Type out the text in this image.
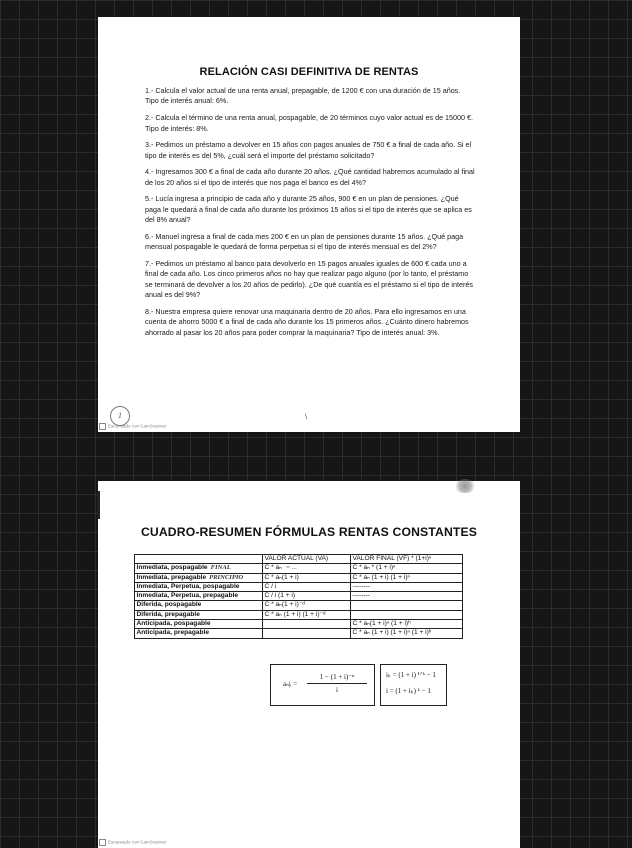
RELACIÓN CASI DEFINITIVA DE RENTAS

1.- Calcula el valor actual de una renta anual, prepagable, de 1200 € con una duración de 15 años. Tipo de interés anual: 6%.

2.- Calcula el término de una renta anual, pospagable, de 20 términos cuyo valor actual es de 15000 €. Tipo de interés: 8%.

3.- Pedimos un préstamo a devolver en 15 años con pagos anuales de 750 € a final de cada año. Si el tipo de interés es del 5%, ¿cuál será el importe del préstamo solicitado?

4.- Ingresamos 300 € a final de cada año durante 20 años. ¿Qué cantidad habremos acumulado al final de los 20 años si el tipo de interés que nos paga el banco es del 4%?

5.- Lucía ingresa a principio de cada año y durante 25 años, 900 € en un plan de pensiones. ¿Qué paga le quedará a final de cada año durante los próximos 15 años si el tipo de interés que se aplica es del 8% anual?

6.- Manuel ingresa a final de cada mes 200 € en un plan de pensiones durante 15 años. ¿Qué paga mensual pospagable le quedará de forma perpetua si el tipo de interés mensual es del 2%?

7.- Pedimos un préstamo al banco para devolverlo en 15 pagos anuales iguales de 600 € cada uno a final de cada año. Los cinco primeros años no hay que realizar pago alguno (por lo tanto, el préstamo se terminará de devolver a los 20 años de pedirlo). ¿De qué cuantía es el préstamo si el tipo de interés anual es del 9%?

8.- Nuestra empresa quiere renovar una maquinaria dentro de 20 años. Para ello ingresamos en una cuenta de ahorro 5000 € a final de cada año durante los 15 primeros años. ¿Cuánto dinero habremos ahorrado al pasar los 20 años para poder comprar la maquinaria? Tipo de interés anual: 3%.

1	\
Escaneado con CamScanner
CUADRO-RESUMEN FÓRMULAS RENTAS CONSTANTES
	VALOR ACTUAL (VA)	VALOR FINAL (VF) * (1+i)ⁿ
Inmediata, pospagable FINAL	C * aₙ = ...	C * aₙ * (1 + i)ⁿ
Inmediata, prepagable PRINCIPIO	C * aₙ(1 + i)	C * aₙ (1 + i) (1 + i)ⁿ
Inmediata, Perpetua, pospagable	C / i	--------
Inmediata, Perpetua, prepagable	C / i (1 + i)	--------
Diferida, pospagable	C * aₙ(1 + i)⁻ᵈ	
Diferida, prepagable	C * aₙ (1 + i) (1 + i)⁻ᵈ	
Anticipada, pospagable		C * aₙ(1 + i)ⁿ (1 + i)ʰ
Anticipada, prepagable		C * aₙ (1 + i) (1 + i)ⁿ (1 + i)ʰ
aₙ|ᵢ = $\frac{\text{1 − (1 + i)⁻ⁿ}}{i}$	iₖ = (1 + i) ¹ᐟᵏ − 1
i = (1 + iₖ) ᵏ − 1
Escaneado con CamScanner
